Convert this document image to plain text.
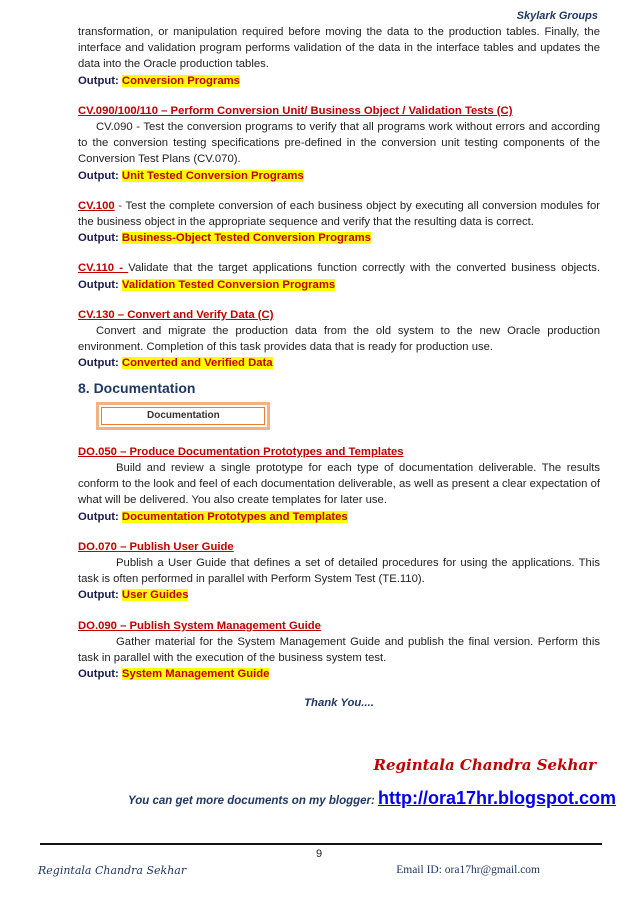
Skylark Groups

transformation, or manipulation required before moving the data to the production tables. Finally, the interface and validation program performs validation of the data in the interface tables and updates the data into the Oracle production tables.

Output: Conversion Programs

CV.090/100/110 – Perform Conversion Unit/ Business Object / Validation Tests (C)

CV.090 - Test the conversion programs to verify that all programs work without errors and according to the conversion testing specifications pre-defined in the conversion unit testing components of the Conversion Test Plans (CV.070).

Output: Unit Tested Conversion Programs

CV.100 - Test the complete conversion of each business object by executing all conversion modules for the business object in the appropriate sequence and verify that the resulting data is correct.

Output: Business-Object Tested Conversion Programs

CV.110 - Validate that the target applications function correctly with the converted business objects. Output: Validation Tested Conversion Programs

CV.130 – Convert and Verify Data (C)

Convert and migrate the production data from the old system to the new Oracle production environment. Completion of this task provides data that is ready for production use.

Output: Converted and Verified Data

8. Documentation
Documentation

DO.050 – Produce Documentation Prototypes and Templates

Build and review a single prototype for each type of documentation deliverable. The results conform to the look and feel of each documentation deliverable, as well as present a clear expectation of what will be delivered. You also create templates for later use.

Output: Documentation Prototypes and Templates

DO.070 – Publish User Guide

Publish a User Guide that defines a set of detailed procedures for using the applications. This task is often performed in parallel with Perform System Test (TE.110).

Output: User Guides

DO.090 – Publish System Management Guide

Gather material for the System Management Guide and publish the final version. Perform this task in parallel with the execution of the business system test.

Output: System Management Guide

Thank You....

Regintala Chandra Sekhar
You can get more documents on my blogger: http://ora17hr.blogspot.com
9
Regintala Chandra Sekhar	Email ID: ora17hr@gmail.com
